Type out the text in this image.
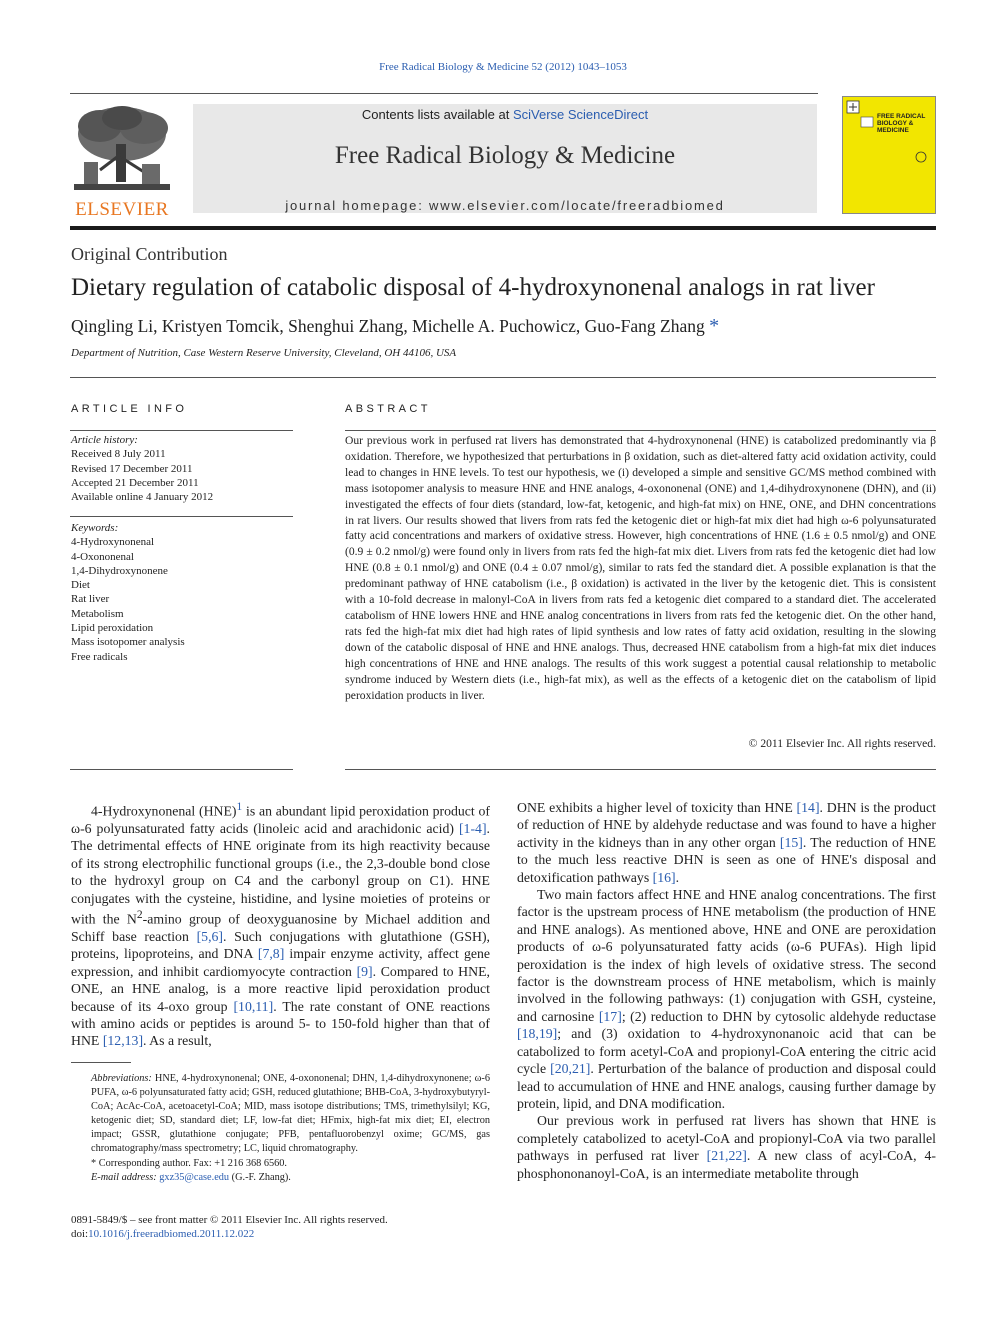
Free Radical Biology & Medicine 52 (2012) 1043–1053
ELSEVIER
Contents lists available at SciVerse ScienceDirect
Free Radical Biology & Medicine
journal homepage: www.elsevier.com/locate/freeradbiomed
FREE RADICAL BIOLOGY & MEDICINE
Original Contribution
Dietary regulation of catabolic disposal of 4-hydroxynonenal analogs in rat liver
Qingling Li, Kristyen Tomcik, Shenghui Zhang, Michelle A. Puchowicz, Guo-Fang Zhang *
Department of Nutrition, Case Western Reserve University, Cleveland, OH 44106, USA
ARTICLE INFO
Article history:
Received 8 July 2011
Revised 17 December 2011
Accepted 21 December 2011
Available online 4 January 2012
Keywords:
4-Hydroxynonenal
4-Oxononenal
1,4-Dihydroxynonene
Diet
Rat liver
Metabolism
Lipid peroxidation
Mass isotopomer analysis
Free radicals
ABSTRACT
Our previous work in perfused rat livers has demonstrated that 4-hydroxynonenal (HNE) is catabolized predominantly via β oxidation. Therefore, we hypothesized that perturbations in β oxidation, such as diet-altered fatty acid oxidation activity, could lead to changes in HNE levels. To test our hypothesis, we (i) developed a simple and sensitive GC/MS method combined with mass isotopomer analysis to measure HNE and HNE analogs, 4-oxononenal (ONE) and 1,4-dihydroxynonene (DHN), and (ii) investigated the effects of four diets (standard, low-fat, ketogenic, and high-fat mix) on HNE, ONE, and DHN concentrations in rat livers. Our results showed that livers from rats fed the ketogenic diet or high-fat mix diet had high ω-6 polyunsaturated fatty acid concentrations and markers of oxidative stress. However, high concentrations of HNE (1.6 ± 0.5 nmol/g) and ONE (0.9 ± 0.2 nmol/g) were found only in livers from rats fed the high-fat mix diet. Livers from rats fed the ketogenic diet had low HNE (0.8 ± 0.1 nmol/g) and ONE (0.4 ± 0.07 nmol/g), similar to rats fed the standard diet. A possible explanation is that the predominant pathway of HNE catabolism (i.e., β oxidation) is activated in the liver by the ketogenic diet. This is consistent with a 10-fold decrease in malonyl-CoA in livers from rats fed a ketogenic diet compared to a standard diet. The accelerated catabolism of HNE lowers HNE and HNE analog concentrations in livers from rats fed the ketogenic diet. On the other hand, rats fed the high-fat mix diet had high rates of lipid synthesis and low rates of fatty acid oxidation, resulting in the slowing down of the catabolic disposal of HNE and HNE analogs. Thus, decreased HNE catabolism from a high-fat mix diet induces high concentrations of HNE and HNE analogs. The results of this work suggest a potential causal relationship to metabolic syndrome induced by Western diets (i.e., high-fat mix), as well as the effects of a ketogenic diet on the catabolism of lipid peroxidation products in liver.
© 2011 Elsevier Inc. All rights reserved.

4-Hydroxynonenal (HNE)$^1$ is an abundant lipid peroxidation product of ω-6 polyunsaturated fatty acids (linoleic acid and arachidonic acid) [1-4]. The detrimental effects of HNE originate from its high reactivity because of its strong electrophilic functional groups (i.e., the 2,3-double bond close to the hydroxyl group on C4 and the carbonyl group on C1). HNE conjugates with the cysteine, histidine, and lysine moieties of proteins or with the $N^2$-amino group of deoxyguanosine by Michael addition and Schiff base reaction [5,6]. Such conjugations with glutathione (GSH), proteins, lipoproteins, and DNA [7,8] impair enzyme activity, affect gene expression, and inhibit cardiomyocyte contraction [9]. Compared to HNE, ONE, an HNE analog, is a more reactive lipid peroxidation product because of its 4-oxo group [10,11]. The rate constant of ONE reactions with amino acids or peptides is around 5- to 150-fold higher than that of HNE [12,13]. As a result,

Abbreviations: HNE, 4-hydroxynonenal; ONE, 4-oxononenal; DHN, 1,4-dihydroxynonene; ω-6 PUFA, ω-6 polyunsaturated fatty acid; GSH, reduced glutathione; BHB-CoA, 3-hydroxybutyryl-CoA; AcAc-CoA, acetoacetyl-CoA; MID, mass isotope distributions; TMS, trimethylsilyl; KG, ketogenic diet; SD, standard diet; LF, low-fat diet; HFmix, high-fat mix diet; EI, electron impact; GSSR, glutathione conjugate; PFB, pentafluorobenzyl oxime; GC/MS, gas chromatography/mass spectrometry; LC, liquid chromatography.

* Corresponding author. Fax: +1 216 368 6560.

E-mail address: gxz35@case.edu (G.-F. Zhang).

0891-5849/$ – see front matter © 2011 Elsevier Inc. All rights reserved.
doi:10.1016/j.freeradbiomed.2011.12.022

ONE exhibits a higher level of toxicity than HNE [14]. DHN is the product of reduction of HNE by aldehyde reductase and was found to have a higher activity in the kidneys than in any other organ [15]. The reduction of HNE to the much less reactive DHN is seen as one of HNE's disposal and detoxification pathways [16].

Two main factors affect HNE and HNE analog concentrations. The first factor is the upstream process of HNE metabolism (the production of HNE and HNE analogs). As mentioned above, HNE and ONE are peroxidation products of ω-6 polyunsaturated fatty acids (ω-6 PUFAs). High lipid peroxidation is the index of high levels of oxidative stress. The second factor is the downstream process of HNE metabolism, which is mainly involved in the following pathways: (1) conjugation with GSH, cysteine, and carnosine [17]; (2) reduction to DHN by cytosolic aldehyde reductase [18,19]; and (3) oxidation to 4-hydroxynonanoic acid that can be catabolized to form acetyl-CoA and propionyl-CoA entering the citric acid cycle [20,21]. Perturbation of the balance of production and disposal could lead to accumulation of HNE and HNE analogs, causing further damage by protein, lipid, and DNA modification.

Our previous work in perfused rat livers has shown that HNE is completely catabolized to acetyl-CoA and propionyl-CoA via two parallel pathways in perfused rat liver [21,22]. A new class of acyl-CoA, 4-phosphononanoyl-CoA, is an intermediate metabolite through
